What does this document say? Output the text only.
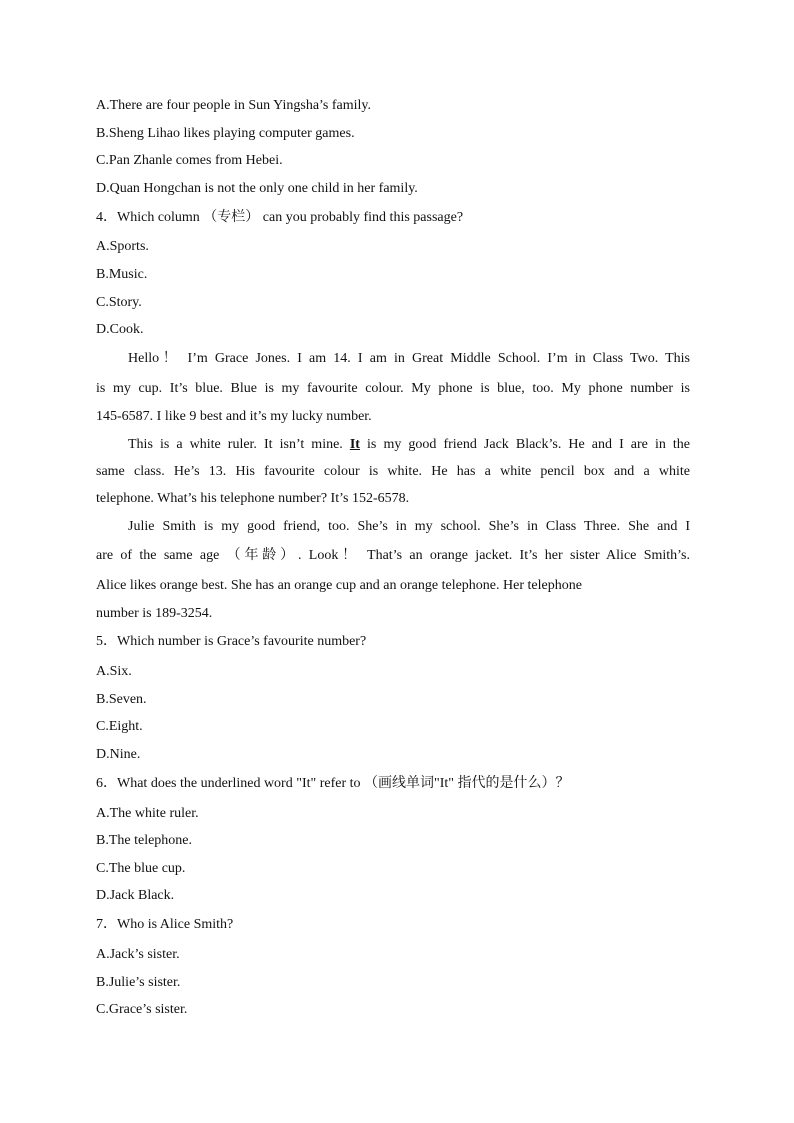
A.There are four people in Sun Yingsha’s family.
B.Sheng Lihao likes playing computer games.
C.Pan Zhanle comes from Hebei.
D.Quan Hongchan is not the only one child in her family.
4．Which column （专栏） can you probably find this passage?
A.Sports.
B.Music.
C.Story.
D.Cook.
Hello！ I’m Grace Jones. I am 14. I am in Great Middle School. I’m in Class Two. This
is my cup. It’s blue. Blue is my favourite colour. My phone is blue, too. My phone number is
145-6587. I like 9 best and it’s my lucky number.
This is a white ruler. It isn’t mine. It is my good friend Jack Black’s. He and I are in the
same class. He’s 13. His favourite colour is white. He has a white pencil box and a white
telephone. What’s his telephone number? It’s 152-6578.
Julie Smith is my good friend, too. She’s in my school. She’s in Class Three. She and I
are of the same age （年龄）. Look！ That’s an orange jacket. It’s her sister Alice Smith’s.
Alice likes orange best. She has an orange cup and an orange telephone. Her telephone
number is 189-3254.
5．Which number is Grace’s favourite number?
A.Six.
B.Seven.
C.Eight.
D.Nine.
6．What does the underlined word "It" refer to （画线单词"It" 指代的是什么）？
A.The white ruler.
B.The telephone.
C.The blue cup.
D.Jack Black.
7．Who is Alice Smith?
A.Jack’s sister.
B.Julie’s sister.
C.Grace’s sister.
